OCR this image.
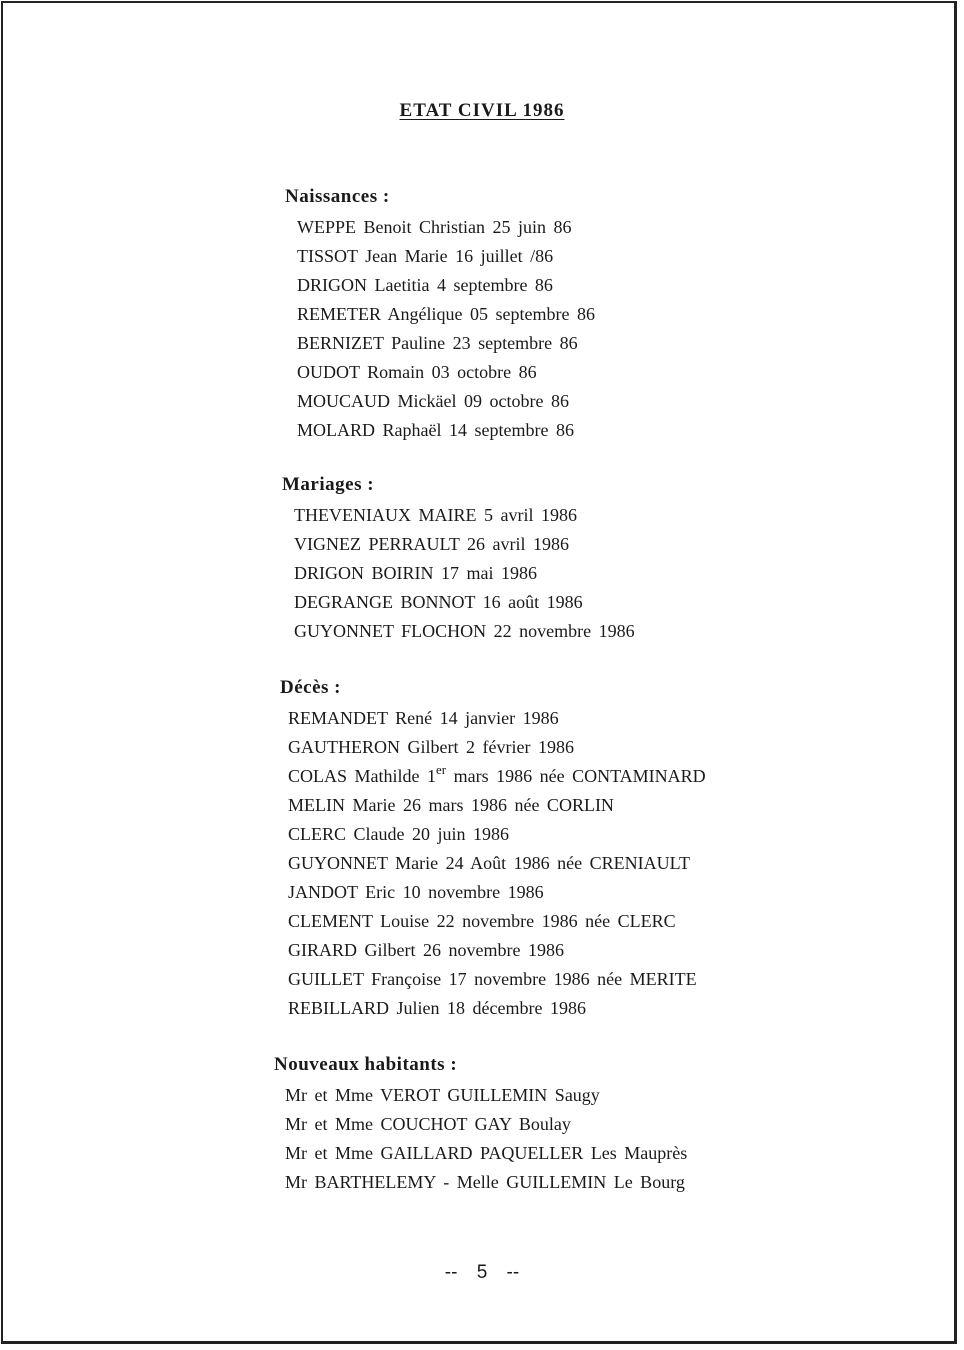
ETAT CIVIL 1986
Naissances :
WEPPE Benoit Christian 25 juin 86
TISSOT Jean Marie 16 juillet /86
DRIGON Laetitia 4 septembre 86
REMETER Angélique 05 septembre 86
BERNIZET Pauline 23 septembre 86
OUDOT Romain 03 octobre 86
MOUCAUD Mickäel 09 octobre 86
MOLARD Raphaël 14 septembre 86
Mariages :
THEVENIAUX MAIRE 5 avril 1986
VIGNEZ PERRAULT 26 avril 1986
DRIGON BOIRIN 17 mai 1986
DEGRANGE BONNOT 16 août 1986
GUYONNET FLOCHON 22 novembre 1986
Décès :
REMANDET René 14 janvier 1986
GAUTHERON Gilbert 2 février 1986
COLAS Mathilde 1er mars 1986 née CONTAMINARD
MELIN Marie 26 mars 1986 née CORLIN
CLERC Claude 20 juin 1986
GUYONNET Marie 24 Août 1986 née CRENIAULT
JANDOT Eric 10 novembre 1986
CLEMENT Louise 22 novembre 1986 née CLERC
GIRARD Gilbert 26 novembre 1986
GUILLET Françoise 17 novembre 1986 née MERITE
REBILLARD Julien 18 décembre 1986
Nouveaux habitants :
Mr et Mme VEROT GUILLEMIN Saugy
Mr et Mme COUCHOT GAY Boulay
Mr et Mme GAILLARD PAQUELLER Les Mauprès
Mr BARTHELEMY - Melle GUILLEMIN Le Bourg
-- 5 --
